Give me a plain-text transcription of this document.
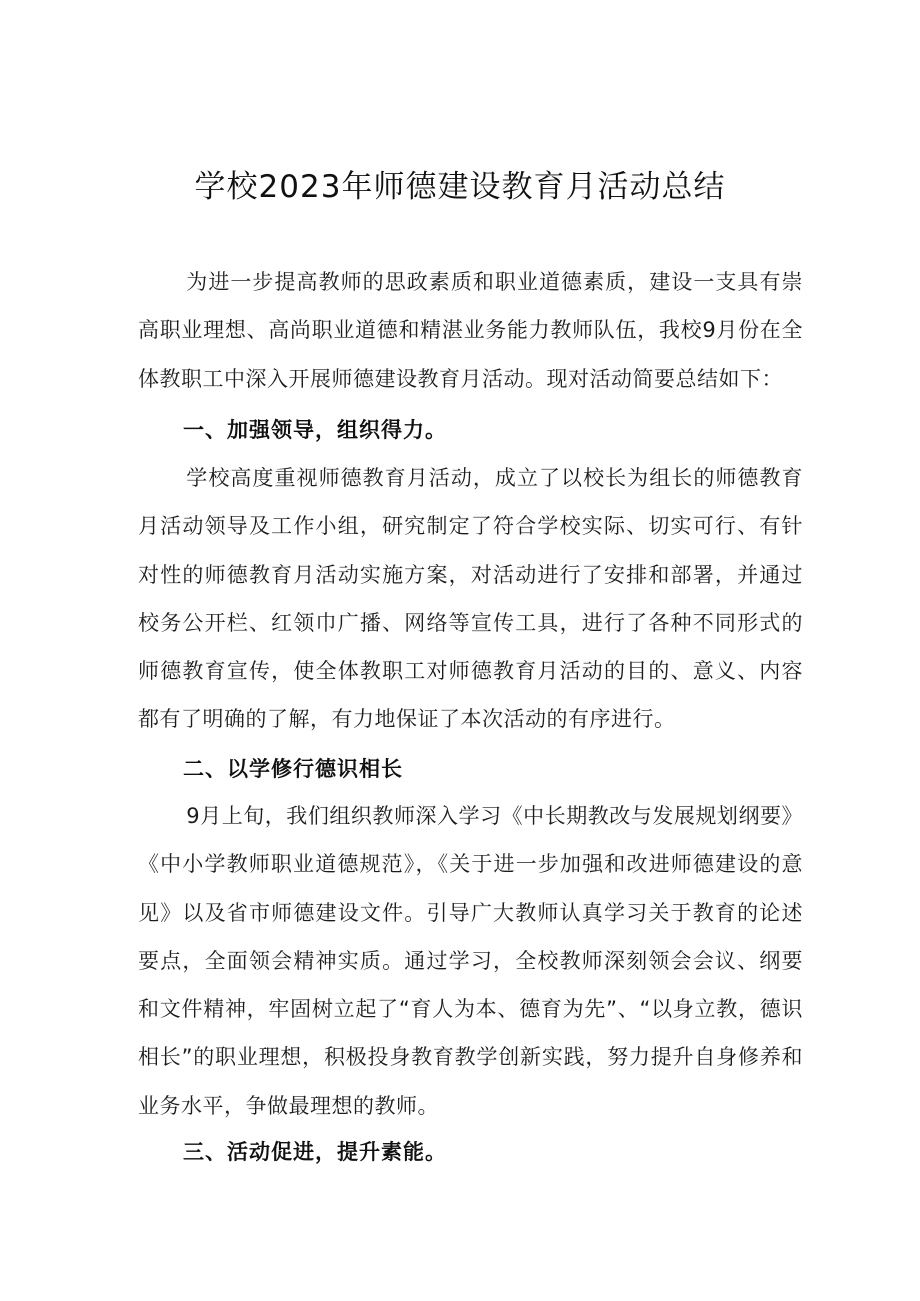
学校2023年师德建设教育月活动总结

为进一步提高教师的思政素质和职业道德素质，建设一支具有崇高职业理想、高尚职业道德和精湛业务能力教师队伍，我校9月份在全体教职工中深入开展师德建设教育月活动。现对活动简要总结如下：

一、加强领导，组织得力。

学校高度重视师德教育月活动，成立了以校长为组长的师德教育月活动领导及工作小组，研究制定了符合学校实际、切实可行、有针对性的师德教育月活动实施方案，对活动进行了安排和部署，并通过校务公开栏、红领巾广播、网络等宣传工具，进行了各种不同形式的师德教育宣传，使全体教职工对师德教育月活动的目的、意义、内容都有了明确的了解，有力地保证了本次活动的有序进行。

二、以学修行德识相长

9月上旬，我们组织教师深入学习《中长期教改与发展规划纲要》《中小学教师职业道德规范》，《关于进一步加强和改进师德建设的意见》以及省市师德建设文件。引导广大教师认真学习关于教育的论述要点，全面领会精神实质。通过学习，全校教师深刻领会会议、纲要和文件精神，牢固树立起了“育人为本、德育为先”、“以身立教，德识相长”的职业理想，积极投身教育教学创新实践，努力提升自身修养和业务水平，争做最理想的教师。

三、活动促进，提升素能。
